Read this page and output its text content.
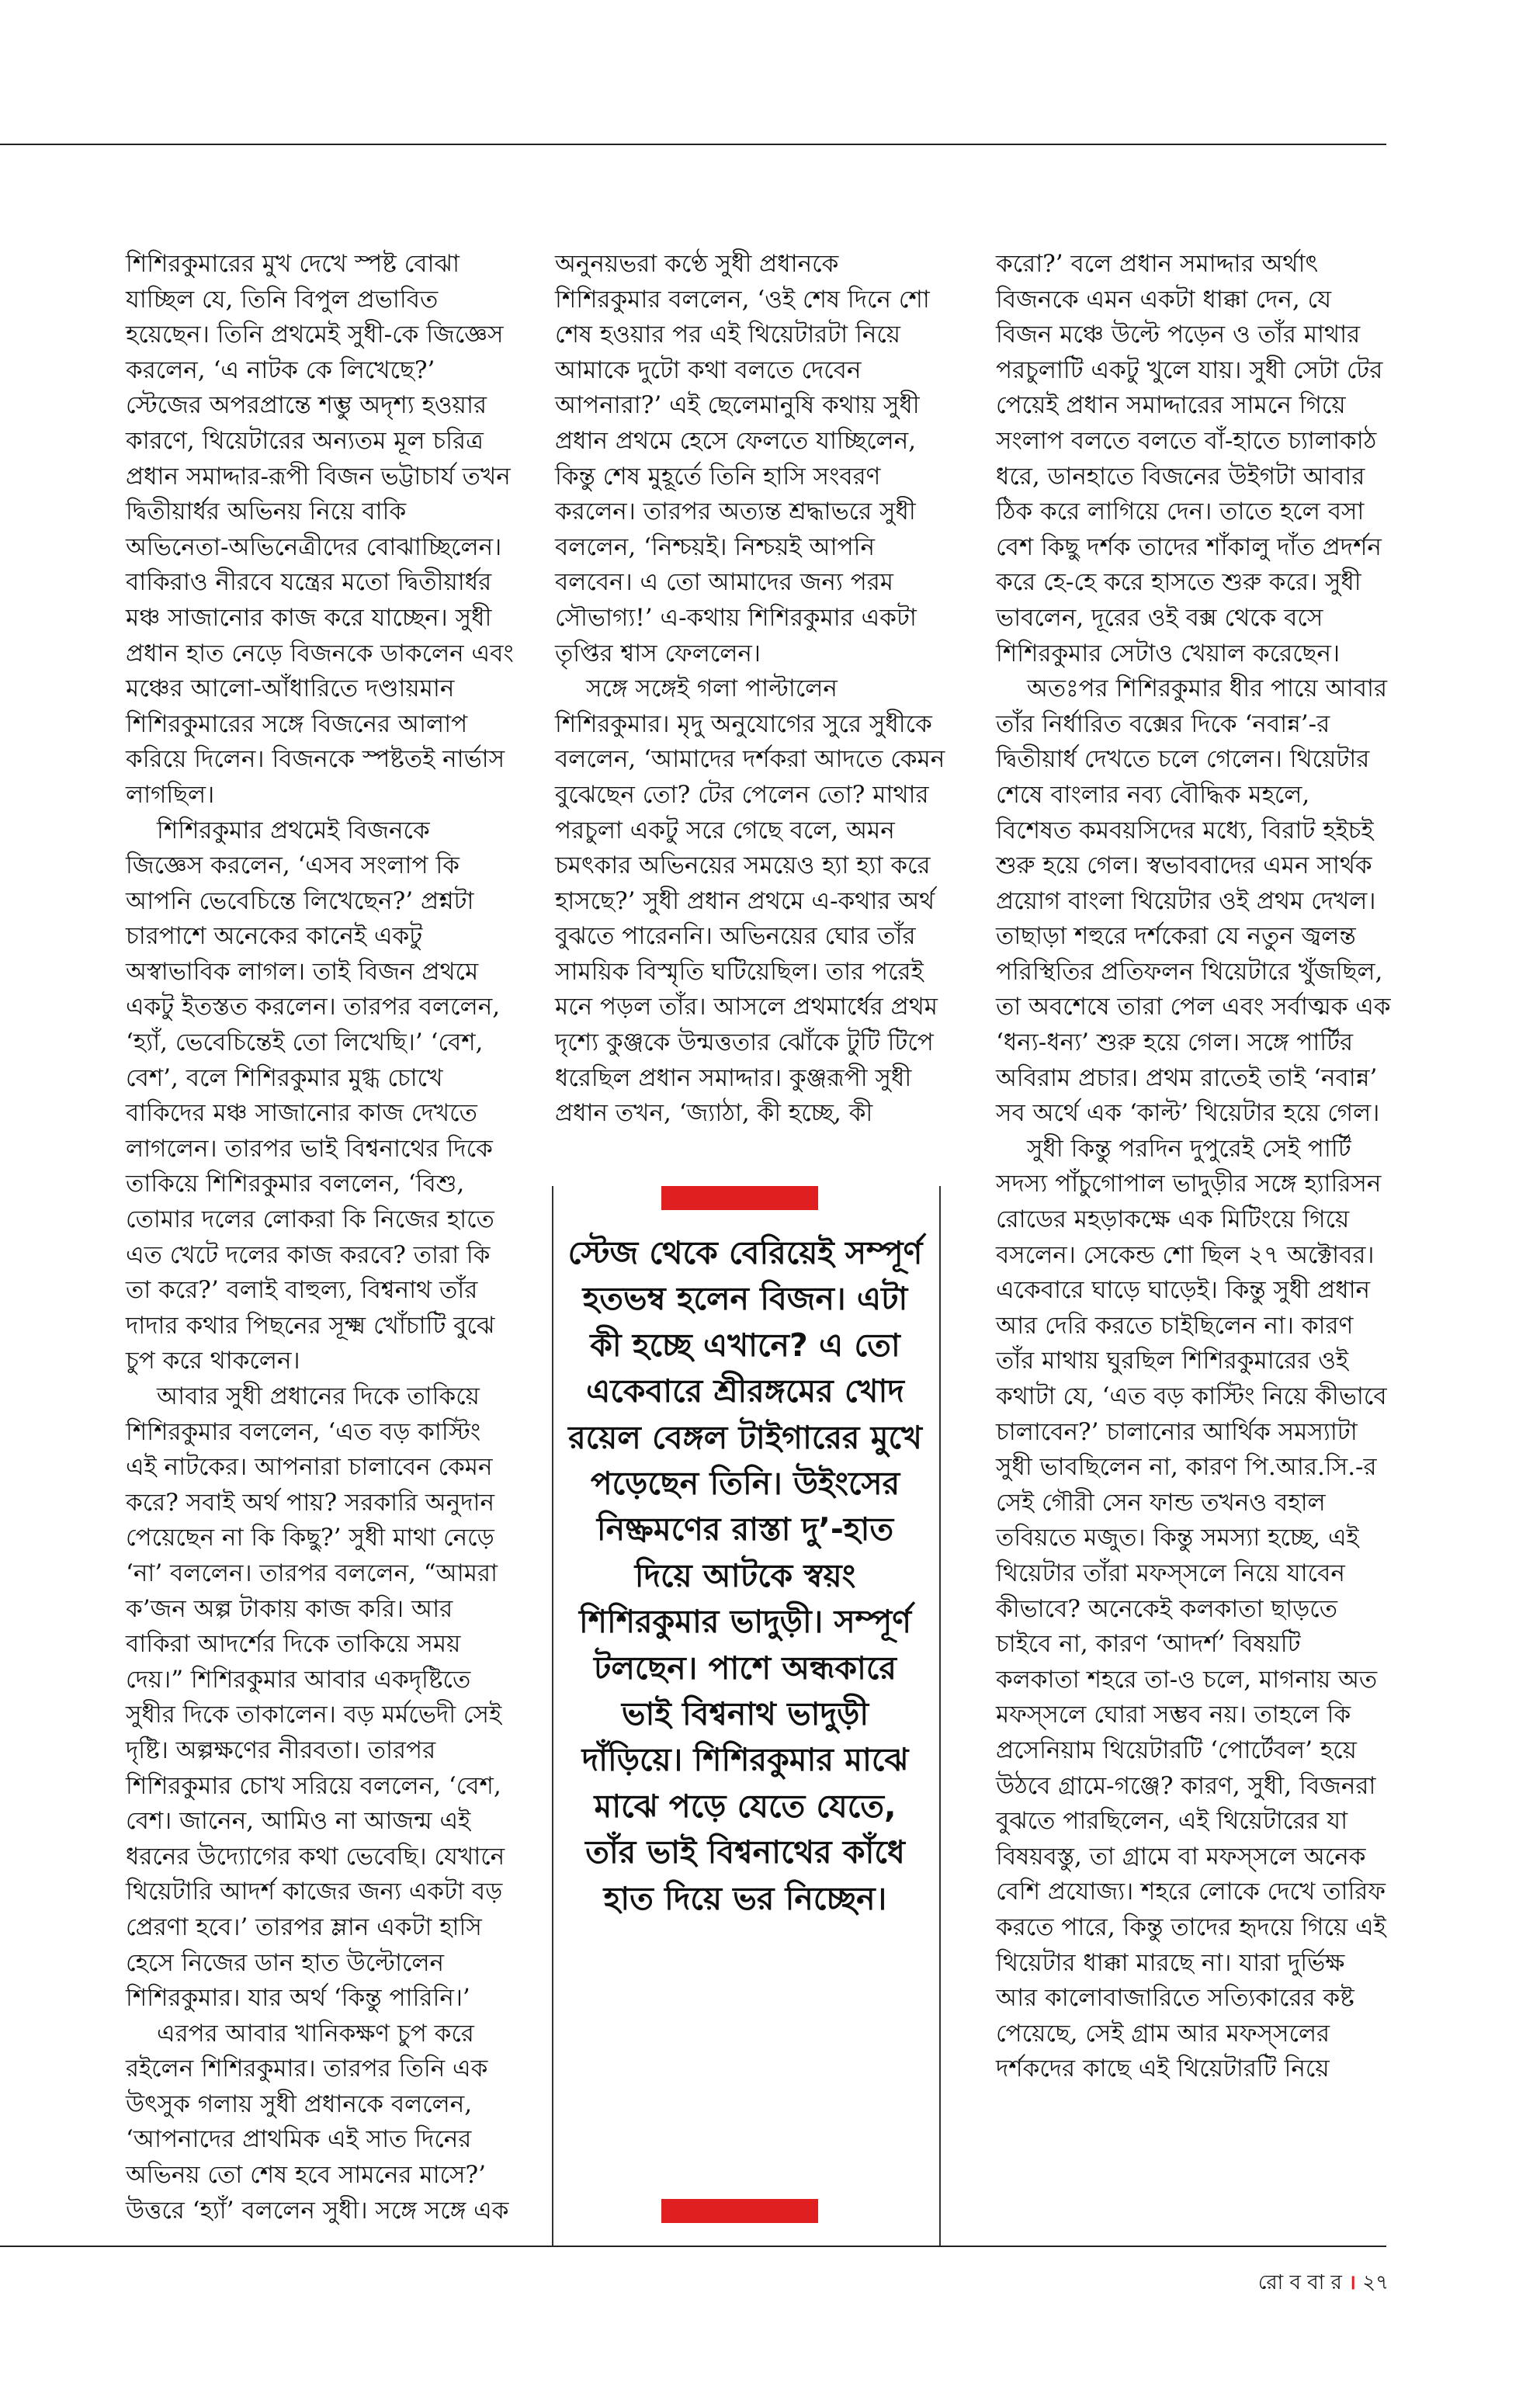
শিশিরকুমারের মুখ দেখে স্পষ্ট বোঝা যাচ্ছিল যে, তিনি বিপুল প্রভাবিত হয়েছেন। তিনি প্রথমেই সুধী-কে জিজ্ঞেস করলেন, ‘এ নাটক কে লিখেছে?’ স্টেজের অপরপ্রান্তে শম্ভু অদৃশ্য হওয়ার কারণে, থিয়েটারের অন্যতম মূল চরিত্র প্রধান সমাদ্দার-রূপী বিজন ভট্টাচার্য তখন দ্বিতীয়ার্ধর অভিনয় নিয়ে বাকি অভিনেতা-অভিনেত্রীদের বোঝাচ্ছিলেন। বাকিরাও নীরবে যন্ত্রের মতো দ্বিতীয়ার্ধর মঞ্চ সাজানোর কাজ করে যাচ্ছেন। সুধী প্রধান হাত নেড়ে বিজনকে ডাকলেন এবং মঞ্চের আলো-আঁধারিতে দণ্ডায়মান শিশিরকুমারের সঙ্গে বিজনের আলাপ করিয়ে দিলেন। বিজনকে স্পষ্টতই নার্ভাস লাগছিল।

শিশিরকুমার প্রথমেই বিজনকে জিজ্ঞেস করলেন, ‘এসব সংলাপ কি আপনি ভেবেচিন্তে লিখেছেন?’ প্রশ্নটা চারপাশে অনেকের কানেই একটু অস্বাভাবিক লাগল। তাই বিজন প্রথমে একটু ইতস্তত করলেন। তারপর বললেন, ‘হ্যাঁ, ভেবেচিন্তেই তো লিখেছি।’ ‘বেশ, বেশ’, বলে শিশিরকুমার মুগ্ধ চোখে বাকিদের মঞ্চ সাজানোর কাজ দেখতে লাগলেন। তারপর ভাই বিশ্বনাথের দিকে তাকিয়ে শিশিরকুমার বললেন, ‘বিশু, তোমার দলের লোকরা কি নিজের হাতে এত খেটে দলের কাজ করবে? তারা কি তা করে?’ বলাই বাহুল্য, বিশ্বনাথ তাঁর দাদার কথার পিছনের সূক্ষ্ম খোঁচাটি বুঝে চুপ করে থাকলেন।

আবার সুধী প্রধানের দিকে তাকিয়ে শিশিরকুমার বললেন, ‘এত বড় কাস্টিং এই নাটকের। আপনারা চালাবেন কেমন করে? সবাই অর্থ পায়? সরকারি অনুদান পেয়েছেন না কি কিছু?’ সুধী মাথা নেড়ে ‘না’ বললেন। তারপর বললেন, “আমরা ক’জন অল্প টাকায় কাজ করি। আর বাকিরা আদর্শের দিকে তাকিয়ে সময় দেয়।” শিশিরকুমার আবার একদৃষ্টিতে সুধীর দিকে তাকালেন। বড় মর্মভেদী সেই দৃষ্টি। অল্পক্ষণের নীরবতা। তারপর শিশিরকুমার চোখ সরিয়ে বললেন, ‘বেশ, বেশ। জানেন, আমিও না আজন্ম এই ধরনের উদ্যোগের কথা ভেবেছি। যেখানে থিয়েটারি আদর্শ কাজের জন্য একটা বড় প্রেরণা হবে।’ তারপর ম্লান একটা হাসি হেসে নিজের ডান হাত উল্টোলেন শিশিরকুমার। যার অর্থ ‘কিন্তু পারিনি।’

এরপর আবার খানিকক্ষণ চুপ করে রইলেন শিশিরকুমার। তারপর তিনি এক উৎসুক গলায় সুধী প্রধানকে বললেন, ‘আপনাদের প্রাথমিক এই সাত দিনের অভিনয় তো শেষ হবে সামনের মাসে?’ উত্তরে ‘হ্যাঁ’ বললেন সুধী। সঙ্গে সঙ্গে এক

অনুনয়ভরা কণ্ঠে সুধী প্রধানকে শিশিরকুমার বললেন, ‘ওই শেষ দিনে শো শেষ হওয়ার পর এই থিয়েটারটা নিয়ে আমাকে দুটো কথা বলতে দেবেন আপনারা?’ এই ছেলেমানুষি কথায় সুধী প্রধান প্রথমে হেসে ফেলতে যাচ্ছিলেন, কিন্তু শেষ মুহূর্তে তিনি হাসি সংবরণ করলেন। তারপর অত্যন্ত শ্রদ্ধাভরে সুধী বললেন, ‘নিশ্চয়ই। নিশ্চয়ই আপনি বলবেন। এ তো আমাদের জন্য পরম সৌভাগ্য!’ এ-কথায় শিশিরকুমার একটা তৃপ্তির শ্বাস ফেললেন।

সঙ্গে সঙ্গেই গলা পাল্টালেন শিশিরকুমার। মৃদু অনুযোগের সুরে সুধীকে বললেন, ‘আমাদের দর্শকরা আদতে কেমন বুঝেছেন তো? টের পেলেন তো? মাথার পরচুলা একটু সরে গেছে বলে, অমন চমৎকার অভিনয়ের সময়েও হ্যা হ্যা করে হাসছে?’ সুধী প্রধান প্রথমে এ-কথার অর্থ বুঝতে পারেননি। অভিনয়ের ঘোর তাঁর সাময়িক বিস্মৃতি ঘটিয়েছিল। তার পরেই মনে পড়ল তাঁর। আসলে প্রথমার্ধের প্রথম দৃশ্যে কুঞ্জকে উন্মত্ততার ঝোঁকে টুটি টিপে ধরেছিল প্রধান সমাদ্দার। কুঞ্জরূপী সুধী প্রধান তখন, ‘জ্যাঠা, কী হচ্ছে, কী

স্টেজ থেকে বেরিয়েই সম্পূর্ণ হতভম্ব হলেন বিজন। এটা কী হচ্ছে এখানে? এ তো একেবারে শ্রীরঙ্গমের খোদ রয়েল বেঙ্গল টাইগারের মুখে পড়েছেন তিনি। উইংসের নিষ্ক্রমণের রাস্তা দু’-হাত দিয়ে আটকে স্বয়ং শিশিরকুমার ভাদুড়ী। সম্পূর্ণ টলছেন। পাশে অন্ধকারে ভাই বিশ্বনাথ ভাদুড়ী দাঁড়িয়ে। শিশিরকুমার মাঝে মাঝে পড়ে যেতে যেতে, তাঁর ভাই বিশ্বনাথের কাঁধে হাত দিয়ে ভর নিচ্ছেন।

করো?’ বলে প্রধান সমাদ্দার অর্থাৎ বিজনকে এমন একটা ধাক্কা দেন, যে বিজন মঞ্চে উল্টে পড়েন ও তাঁর মাথার পরচুলাটি একটু খুলে যায়। সুধী সেটা টের পেয়েই প্রধান সমাদ্দারের সামনে গিয়ে সংলাপ বলতে বলতে বাঁ-হাতে চ্যালাকাঠ ধরে, ডানহাতে বিজনের উইগটা আবার ঠিক করে লাগিয়ে দেন। তাতে হলে বসা বেশ কিছু দর্শক তাদের শাঁকালু দাঁত প্রদর্শন করে হে-হে করে হাসতে শুরু করে। সুধী ভাবলেন, দূরের ওই বক্স থেকে বসে শিশিরকুমার সেটাও খেয়াল করেছেন।

অতঃপর শিশিরকুমার ধীর পায়ে আবার তাঁর নির্ধারিত বক্সের দিকে ‘নবান্ন’-র দ্বিতীয়ার্ধ দেখতে চলে গেলেন। থিয়েটার শেষে বাংলার নব্য বৌদ্ধিক মহলে, বিশেষত কমবয়সিদের মধ্যে, বিরাট হইচই শুরু হয়ে গেল। স্বভাববাদের এমন সার্থক প্রয়োগ বাংলা থিয়েটার ওই প্রথম দেখল। তাছাড়া শহুরে দর্শকেরা যে নতুন জ্বলন্ত পরিস্থিতির প্রতিফলন থিয়েটারে খুঁজছিল, তা অবশেষে তারা পেল এবং সর্বাত্মক এক ‘ধন্য-ধন্য’ শুরু হয়ে গেল। সঙ্গে পার্টির অবিরাম প্রচার। প্রথম রাতেই তাই ‘নবান্ন’ সব অর্থে এক ‘কাল্ট’ থিয়েটার হয়ে গেল।

সুধী কিন্তু পরদিন দুপুরেই সেই পার্টি সদস্য পাঁচুগোপাল ভাদুড়ীর সঙ্গে হ্যারিসন রোডের মহড়াকক্ষে এক মিটিংয়ে গিয়ে বসলেন। সেকেন্ড শো ছিল ২৭ অক্টোবর। একেবারে ঘাড়ে ঘাড়েই। কিন্তু সুধী প্রধান আর দেরি করতে চাইছিলেন না। কারণ তাঁর মাথায় ঘুরছিল শিশিরকুমারের ওই কথাটা যে, ‘এত বড় কাস্টিং নিয়ে কীভাবে চালাবেন?’ চালানোর আর্থিক সমস্যাটা সুধী ভাবছিলেন না, কারণ পি.আর.সি.-র সেই গৌরী সেন ফান্ড তখনও বহাল তবিয়তে মজুত। কিন্তু সমস্যা হচ্ছে, এই থিয়েটার তাঁরা মফস্সলে নিয়ে যাবেন কীভাবে? অনেকেই কলকাতা ছাড়তে চাইবে না, কারণ ‘আদর্শ’ বিষয়টি কলকাতা শহরে তা-ও চলে, মাগনায় অত মফস্সলে ঘোরা সম্ভব নয়। তাহলে কি প্রসেনিয়াম থিয়েটারটি ‘পোর্টেবল’ হয়ে উঠবে গ্রামে-গঞ্জে? কারণ, সুধী, বিজনরা বুঝতে পারছিলেন, এই থিয়েটারের যা বিষয়বস্তু, তা গ্রামে বা মফস্সলে অনেক বেশি প্রযোজ্য। শহরে লোকে দেখে তারিফ করতে পারে, কিন্তু তাদের হৃদয়ে গিয়ে এই থিয়েটার ধাক্কা মারছে না। যারা দুর্ভিক্ষ আর কালোবাজারিতে সত্যিকারের কষ্ট পেয়েছে, সেই গ্রাম আর মফস্সলের দর্শকদের কাছে এই থিয়েটারটি নিয়ে

রো ব বা র । ২৭
